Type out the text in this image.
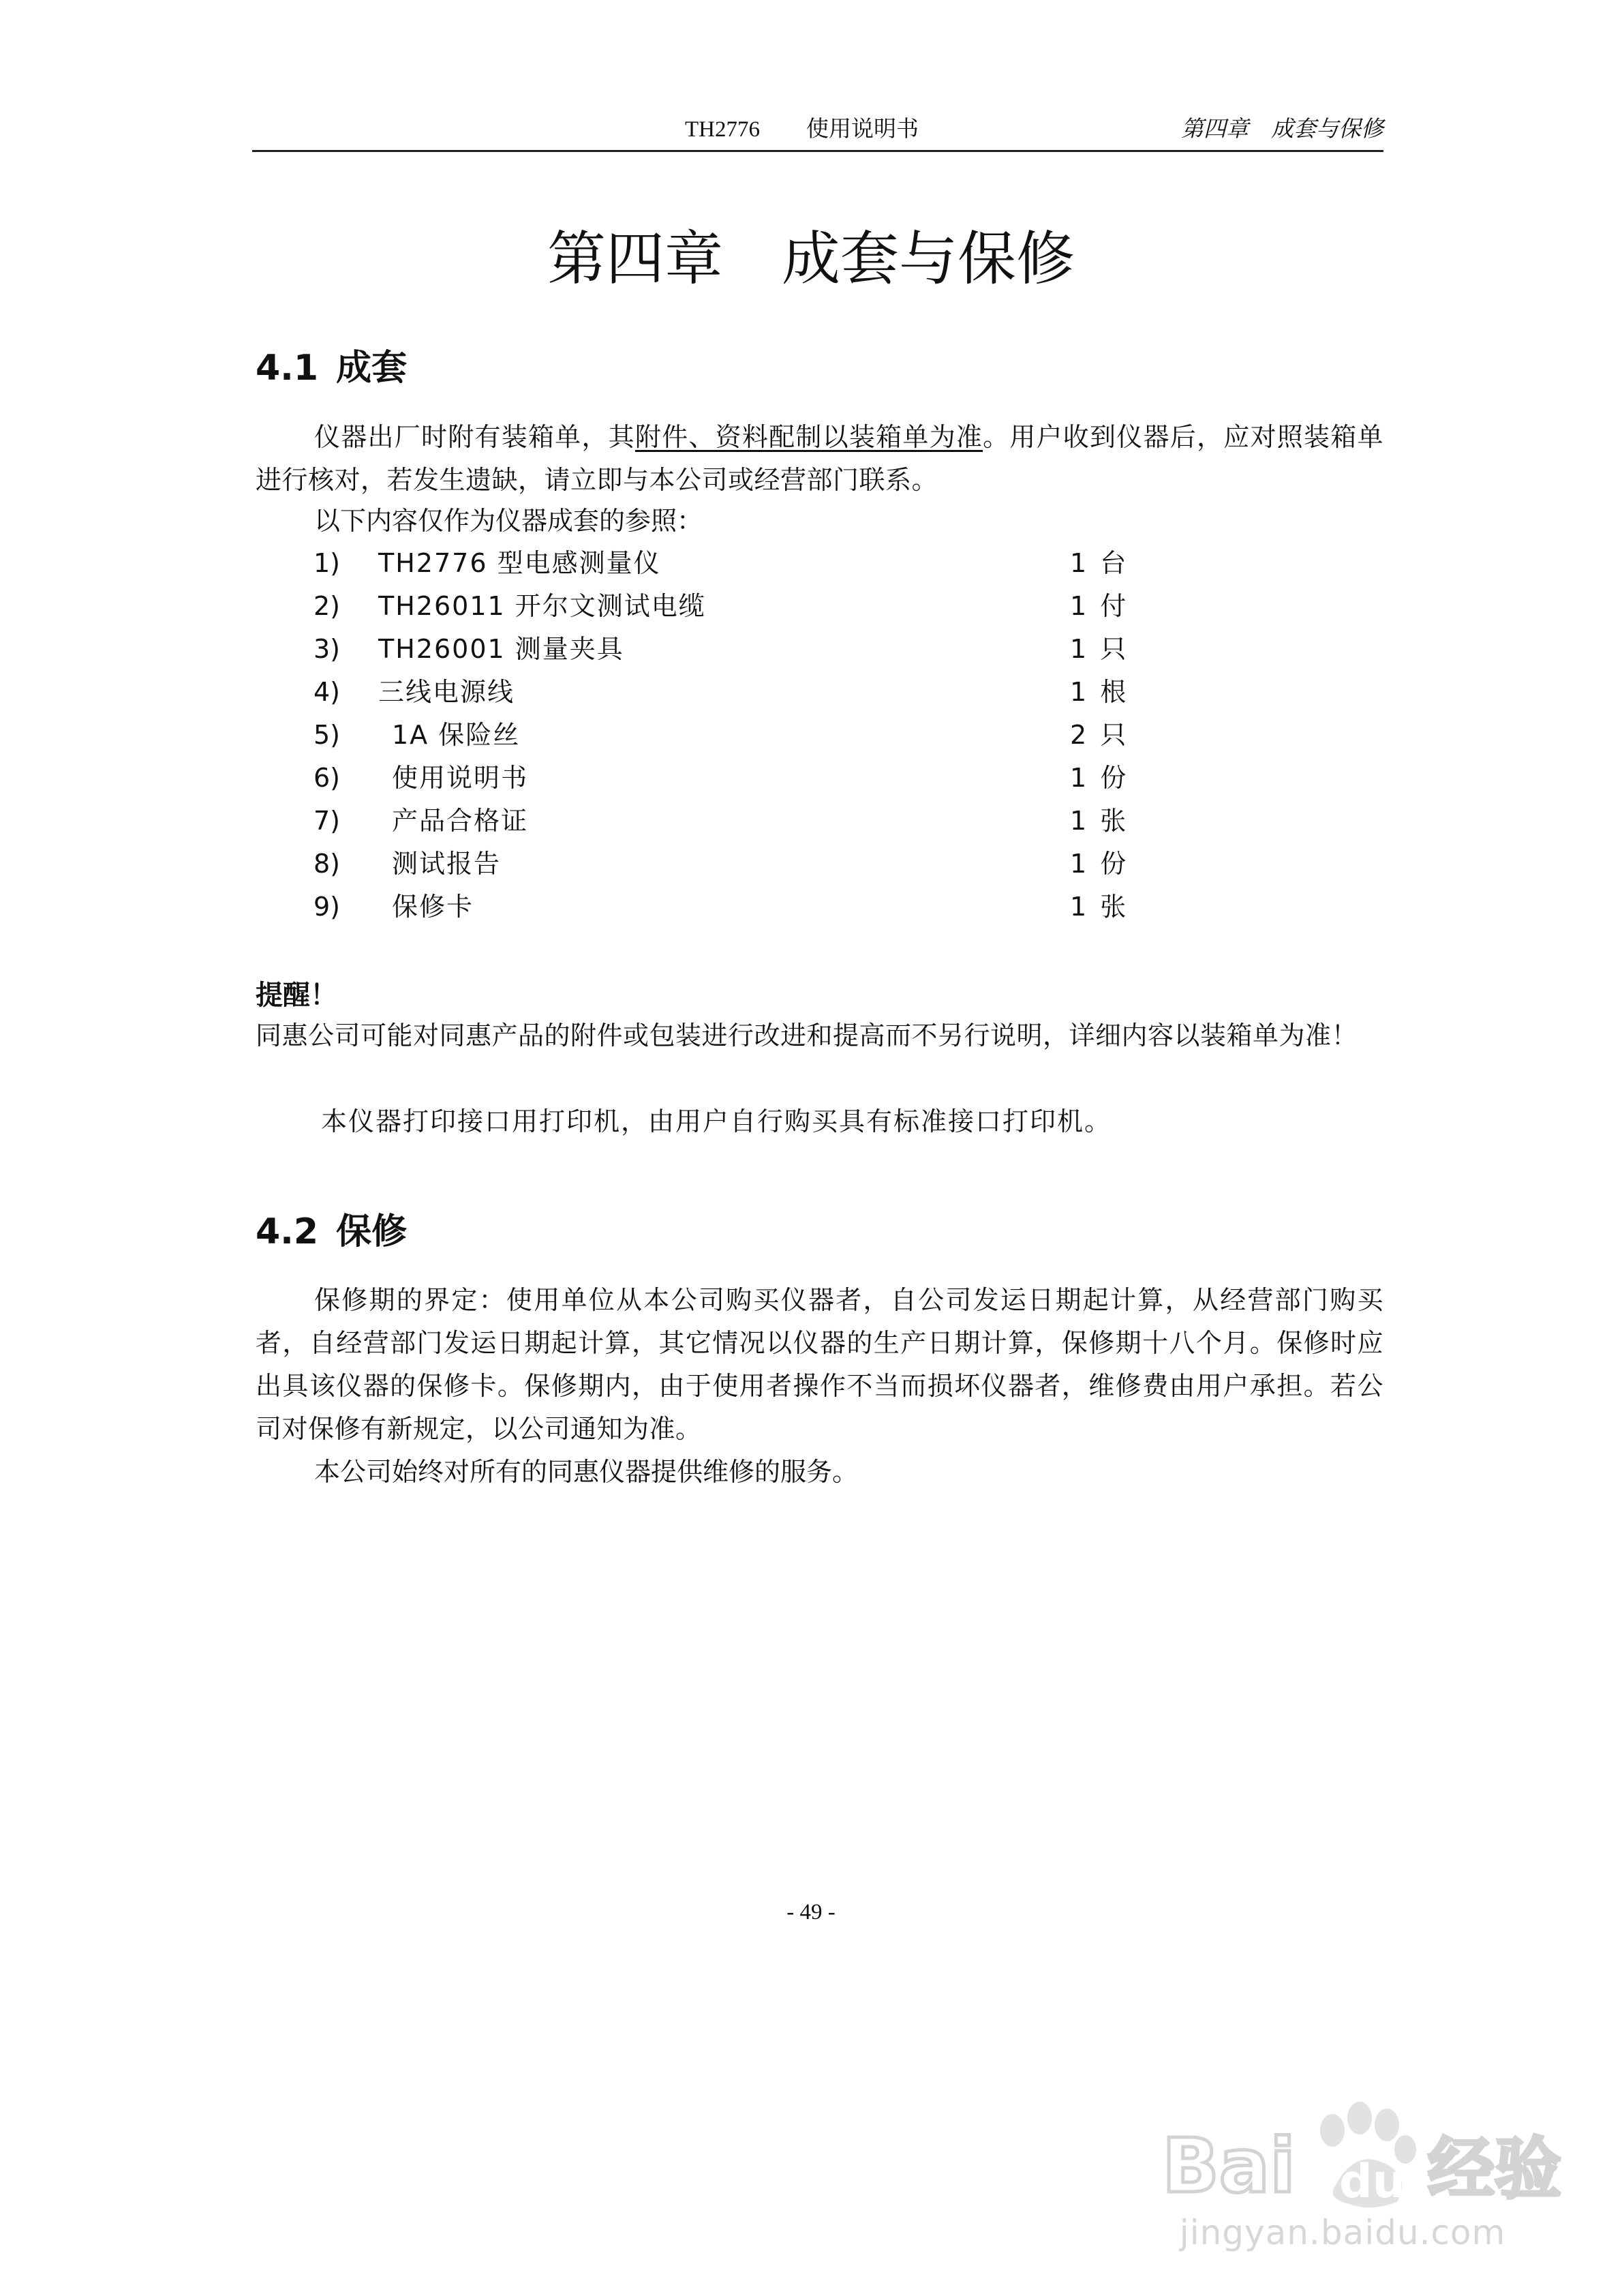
TH2776 使用说明书	第四章　成套与保修
第四章　成套与保修
4.1 成套
仪器出厂时附有装箱单，其附件、资料配制以装箱单为准。用户收到仪器后，应对照装箱单进行核对，若发生遗缺，请立即与本公司或经营部门联系。
以下内容仅作为仪器成套的参照：
1) TH2776 型电感测量仪	1 台
2) TH26011 开尔文测试电缆	1 付
3) TH26001 测量夹具	1 只
4) 三线电源线	1 根
5) 1A 保险丝	2 只
6) 使用说明书	1 份
7) 产品合格证	1 张
8) 测试报告	1 份
9) 保修卡	1 张
提醒！
同惠公司可能对同惠产品的附件或包装进行改进和提高而不另行说明，详细内容以装箱单为准！
本仪器打印接口用打印机，由用户自行购买具有标准接口打印机。
4.2 保修
保修期的界定：使用单位从本公司购买仪器者，自公司发运日期起计算，从经营部门购买者，自经营部门发运日期起计算，其它情况以仪器的生产日期计算，保修期十八个月。保修时应出具该仪器的保修卡。保修期内，由于使用者操作不当而损坏仪器者，维修费由用户承担。若公司对保修有新规定，以公司通知为准。
本公司始终对所有的同惠仪器提供维修的服务。
- 49 -
Bai du 经验
jingyan.baidu.com
